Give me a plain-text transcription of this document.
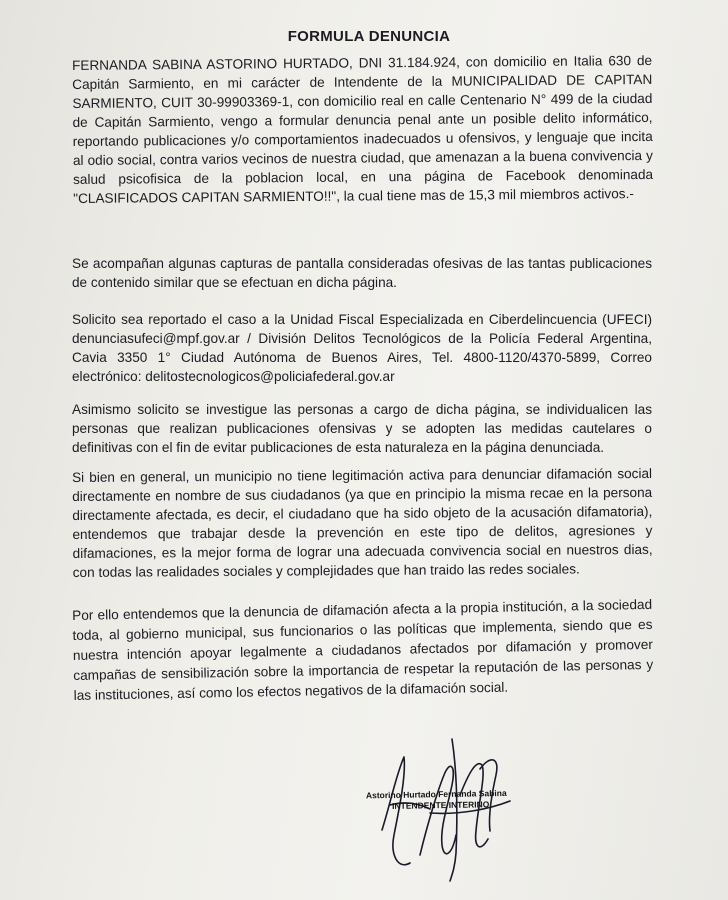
FORMULA DENUNCIA

FERNANDA SABINA ASTORINO HURTADO, DNI 31.184.924, con domicilio en Italia 630 de Capitán Sarmiento, en mi carácter de Intendente de la MUNICIPALIDAD DE CAPITAN SARMIENTO, CUIT 30-99903369-1, con domicilio real en calle Centenario N° 499 de la ciudad de Capitán Sarmiento, vengo a formular denuncia penal ante un posible delito informático, reportando publicaciones y/o comportamientos inadecuados u ofensivos, y lenguaje que incita al odio social, contra varios vecinos de nuestra ciudad, que amenazan a la buena convivencia y salud psicofisica de la poblacion local, en una página de Facebook denominada "CLASIFICADOS CAPITAN SARMIENTO!!", la cual tiene mas de 15,3 mil miembros activos.-

Se acompañan algunas capturas de pantalla consideradas ofesivas de las tantas publicaciones de contenido similar que se efectuan en dicha página.

Solicito sea reportado el caso a la Unidad Fiscal Especializada en Ciberdelincuencia (UFECI) denunciasufeci@mpf.gov.ar / División Delitos Tecnológicos de la Policía Federal Argentina, Cavia 3350 1° Ciudad Autónoma de Buenos Aires, Tel. 4800-1120/4370-5899, Correo electrónico: delitostecnologicos@policiafederal.gov.ar

Asimismo solicito se investigue las personas a cargo de dicha página, se individualicen las personas que realizan publicaciones ofensivas y se adopten las medidas cautelares o definitivas con el fin de evitar publicaciones de esta naturaleza en la página denunciada.

Si bien en general, un municipio no tiene legitimación activa para denunciar difamación social directamente en nombre de sus ciudadanos (ya que en principio la misma recae en la persona directamente afectada, es decir, el ciudadano que ha sido objeto de la acusación difamatoria), entendemos que trabajar desde la prevención en este tipo de delitos, agresiones y difamaciones, es la mejor forma de lograr una adecuada convivencia social en nuestros dias, con todas las realidades sociales y complejidades que han traido las redes sociales.

Por ello entendemos que la denuncia de difamación afecta a la propia institución, a la sociedad toda, al gobierno municipal, sus funcionarios o las políticas que implementa, siendo que es nuestra intención apoyar legalmente a ciudadanos afectados por difamación y promover campañas de sensibilización sobre la importancia de respetar la reputación de las personas y las instituciones, así como los efectos negativos de la difamación social.

Astorino Hurtado Fernanda Sabina
INTENDENTE INTERINO
